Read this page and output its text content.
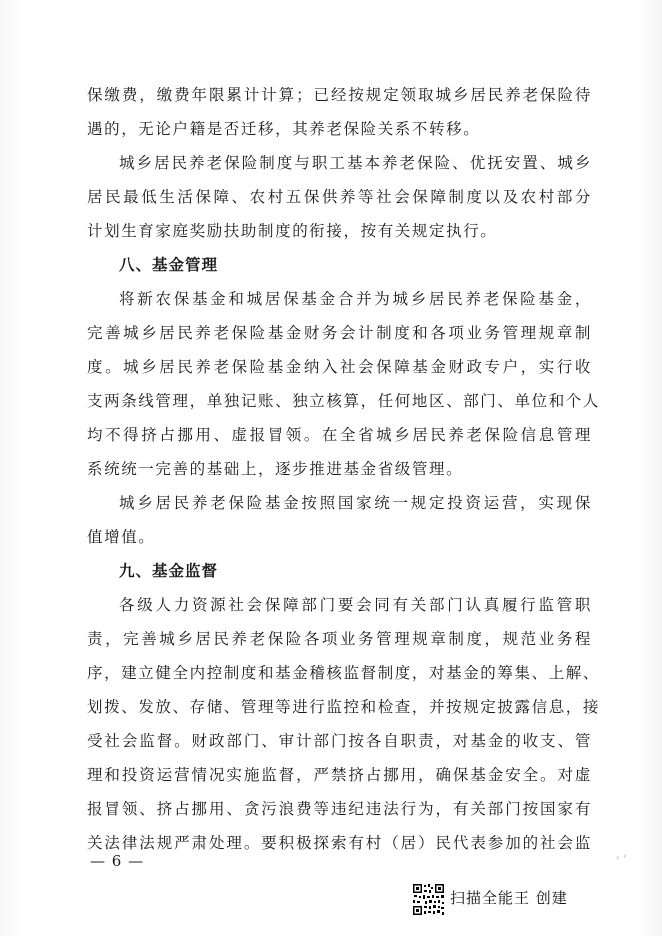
保缴费，缴费年限累计计算；已经按规定领取城乡居民养老保险待
遇的，无论户籍是否迁移，其养老保险关系不转移。
城乡居民养老保险制度与职工基本养老保险、优抚安置、城乡
居民最低生活保障、农村五保供养等社会保障制度以及农村部分
计划生育家庭奖励扶助制度的衔接，按有关规定执行。
八、基金管理
将新农保基金和城居保基金合并为城乡居民养老保险基金，
完善城乡居民养老保险基金财务会计制度和各项业务管理规章制
度。城乡居民养老保险基金纳入社会保障基金财政专户，实行收
支两条线管理，单独记账、独立核算，任何地区、部门、单位和个人
均不得挤占挪用、虚报冒领。在全省城乡居民养老保险信息管理
系统统一完善的基础上，逐步推进基金省级管理。
城乡居民养老保险基金按照国家统一规定投资运营，实现保
值增值。
九、基金监督
各级人力资源社会保障部门要会同有关部门认真履行监管职
责，完善城乡居民养老保险各项业务管理规章制度，规范业务程
序，建立健全内控制度和基金稽核监督制度，对基金的筹集、上解、
划拨、发放、存储、管理等进行监控和检查，并按规定披露信息，接
受社会监督。财政部门、审计部门按各自职责，对基金的收支、管
理和投资运营情况实施监督，严禁挤占挪用，确保基金安全。对虚
报冒领、挤占挪用、贪污浪费等违纪违法行为，有关部门按国家有
关法律法规严肃处理。要积极探索有村（居）民代表参加的社会监
— 6 —	, ,
扫描全能王 创建
